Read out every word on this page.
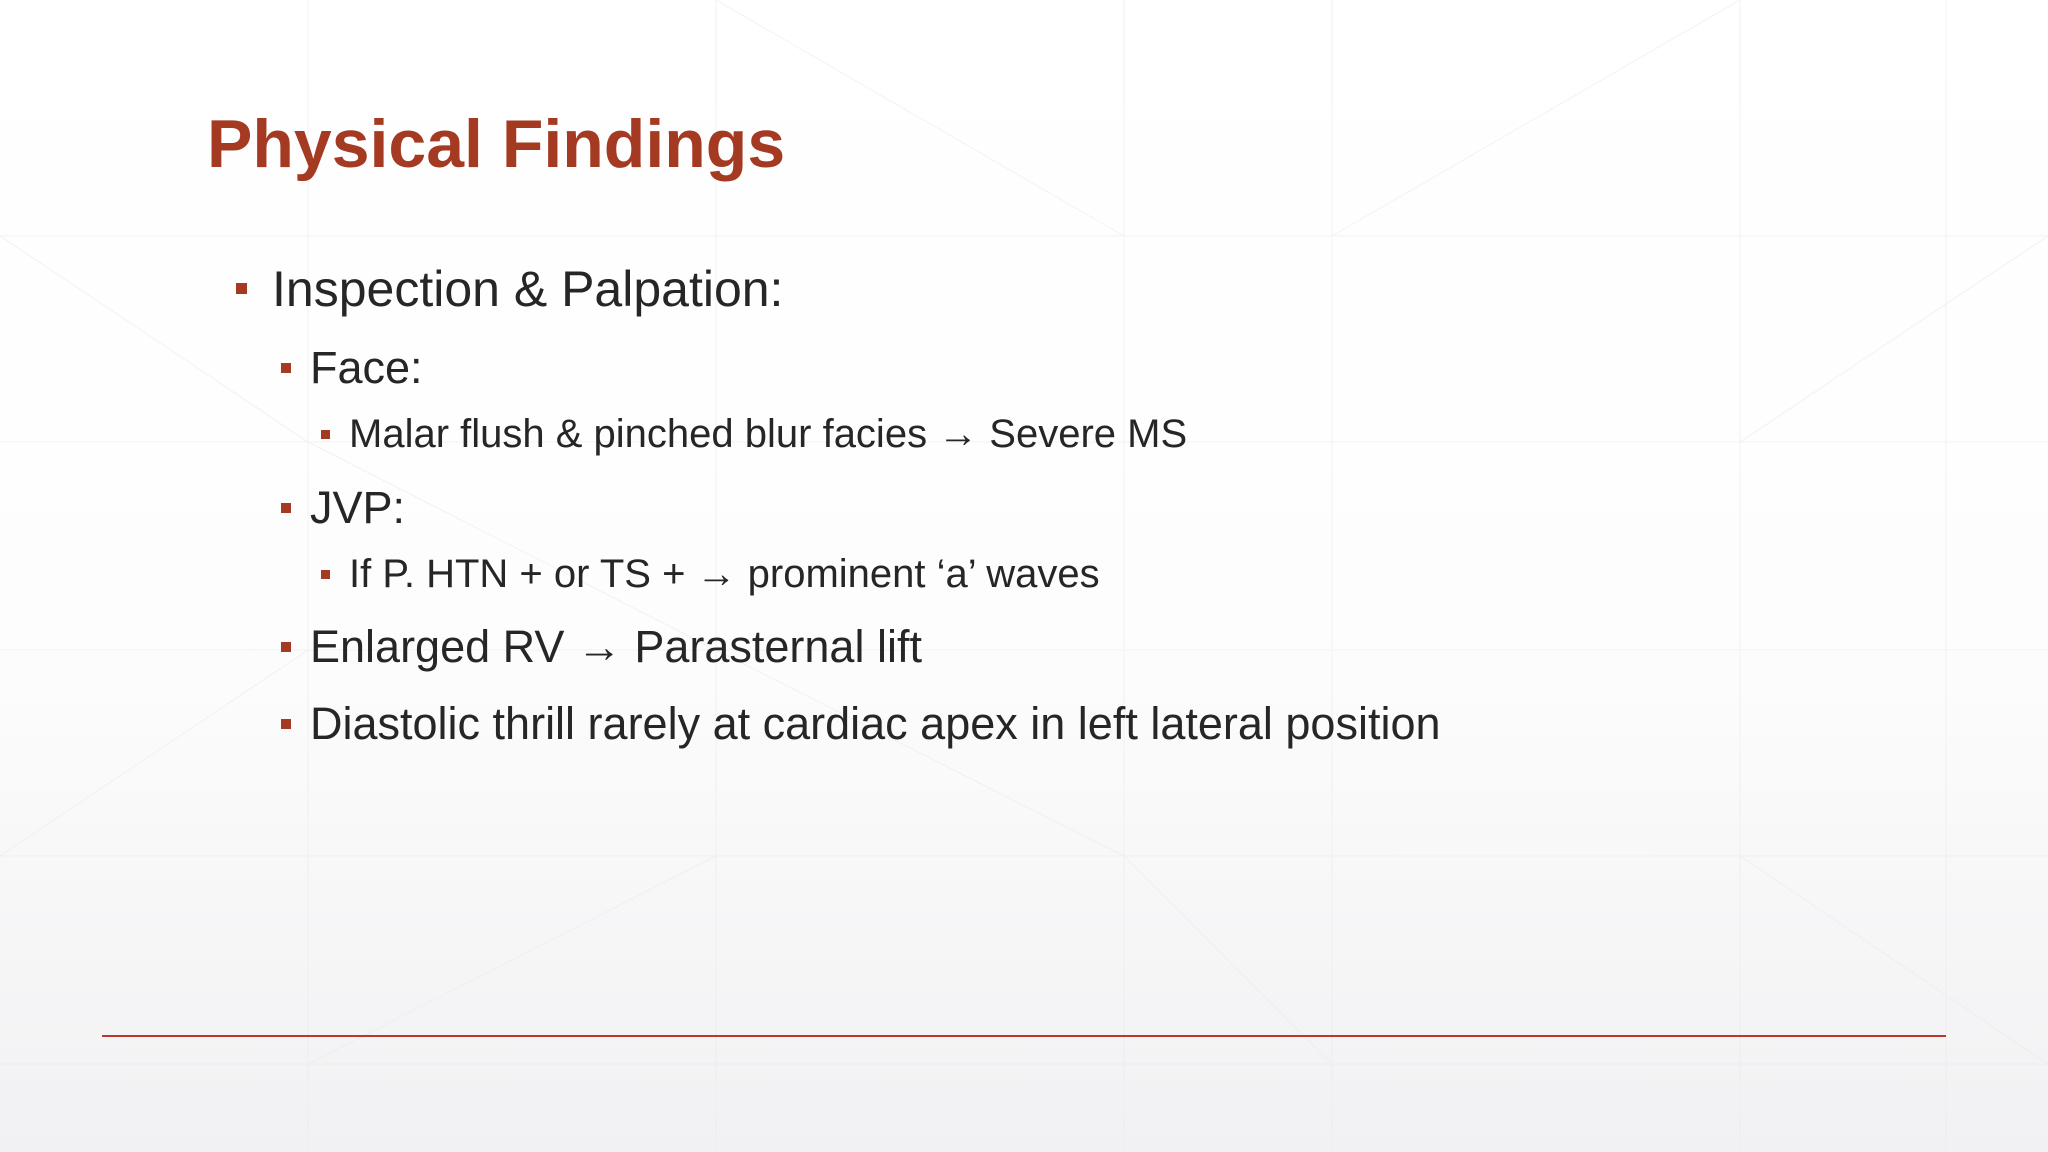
Physical Findings
Inspection & Palpation:
Face:
Malar flush & pinched blur facies → Severe MS
JVP:
If P. HTN + or TS + → prominent ‘a’ waves
Enlarged RV → Parasternal lift
Diastolic thrill rarely at cardiac apex in left lateral position
